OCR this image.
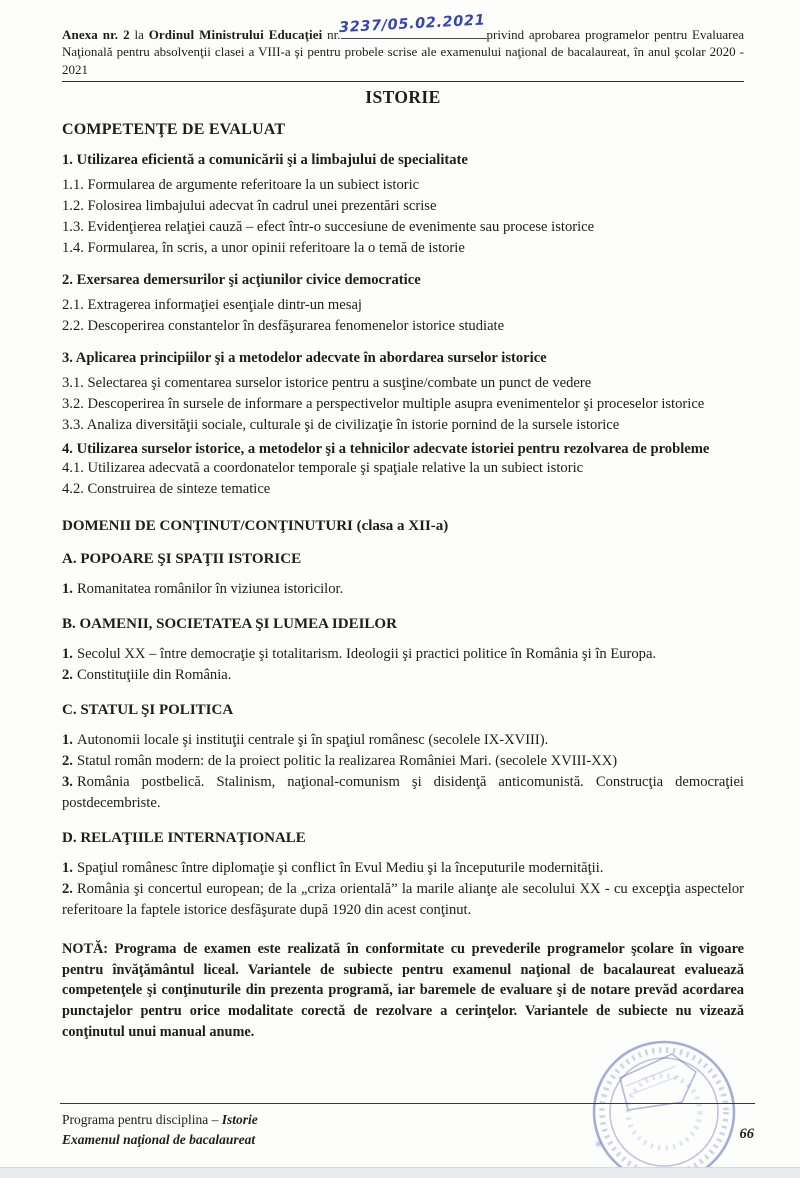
Anexa nr. 2 la Ordinul Ministrului Educaţiei nr.
3237/05.02.2021 privind aprobarea programelor pentru Evaluarea Naţională pentru absolvenţii clasei a VIII-a şi pentru probele scrise ale examenului naţional de bacalaureat, în anul şcolar 2020 - 2021

ISTORIE
COMPETENŢE DE EVALUAT

1. Utilizarea eficientă a comunicării şi a limbajului de specialitate

1.1. Formularea de argumente referitoare la un subiect istoric

1.2. Folosirea limbajului adecvat în cadrul unei prezentări scrise

1.3. Evidenţierea relaţiei cauză – efect într-o succesiune de evenimente sau procese istorice

1.4. Formularea, în scris, a unor opinii referitoare la o temă de istorie

2. Exersarea demersurilor şi acţiunilor civice democratice

2.1. Extragerea informaţiei esenţiale dintr-un mesaj

2.2. Descoperirea constantelor în desfăşurarea fenomenelor istorice studiate

3. Aplicarea principiilor şi a metodelor adecvate în abordarea surselor istorice

3.1. Selectarea şi comentarea surselor istorice pentru a susţine/combate un punct de vedere

3.2. Descoperirea în sursele de informare a perspectivelor multiple asupra evenimentelor şi proceselor istorice

3.3. Analiza diversităţii sociale, culturale şi de civilizaţie în istorie pornind de la sursele istorice

4. Utilizarea surselor istorice, a metodelor şi a tehnicilor adecvate istoriei pentru rezolvarea de probleme

4.1. Utilizarea adecvată a coordonatelor temporale şi spaţiale relative la un subiect istoric

4.2. Construirea de sinteze tematice

DOMENII DE CONŢINUT/CONŢINUTURI (clasa a XII-a)

A. POPOARE ŞI SPAŢII ISTORICE

1. Romanitatea românilor în viziunea istoricilor.

B. OAMENII, SOCIETATEA ŞI LUMEA IDEILOR

1. Secolul XX – între democraţie şi totalitarism. Ideologii şi practici politice în România şi în Europa.

2. Constituţiile din România.

C. STATUL ŞI POLITICA

1. Autonomii locale şi instituţii centrale şi în spaţiul românesc (secolele IX-XVIII).

2. Statul român modern: de la proiect politic la realizarea României Mari. (secolele XVIII-XX)

3. România postbelică. Stalinism, naţional-comunism şi disidenţă anticomunistă. Construcţia democraţiei postdecembriste.

D. RELAŢIILE INTERNAŢIONALE

1. Spaţiul românesc între diplomaţie şi conflict în Evul Mediu şi la începuturile modernităţii.

2. România şi concertul european; de la „criza orientală” la marile alianţe ale secolului XX - cu excepţia aspectelor referitoare la faptele istorice desfăşurate după 1920 din acest conţinut.

NOTĂ: Programa de examen este realizată în conformitate cu prevederile programelor şcolare în vigoare pentru învăţământul liceal. Variantele de subiecte pentru examenul naţional de bacalaureat evaluează competenţele şi conţinuturile din prezenta programă, iar baremele de evaluare şi de notare prevăd acordarea punctajelor pentru orice modalitate corectă de rezolvare a cerinţelor. Variantele de subiecte nu vizează conţinutul unui manual anume.

✳

Programa pentru disciplina – Istorie

Examenul naţional de bacalaureat	66
